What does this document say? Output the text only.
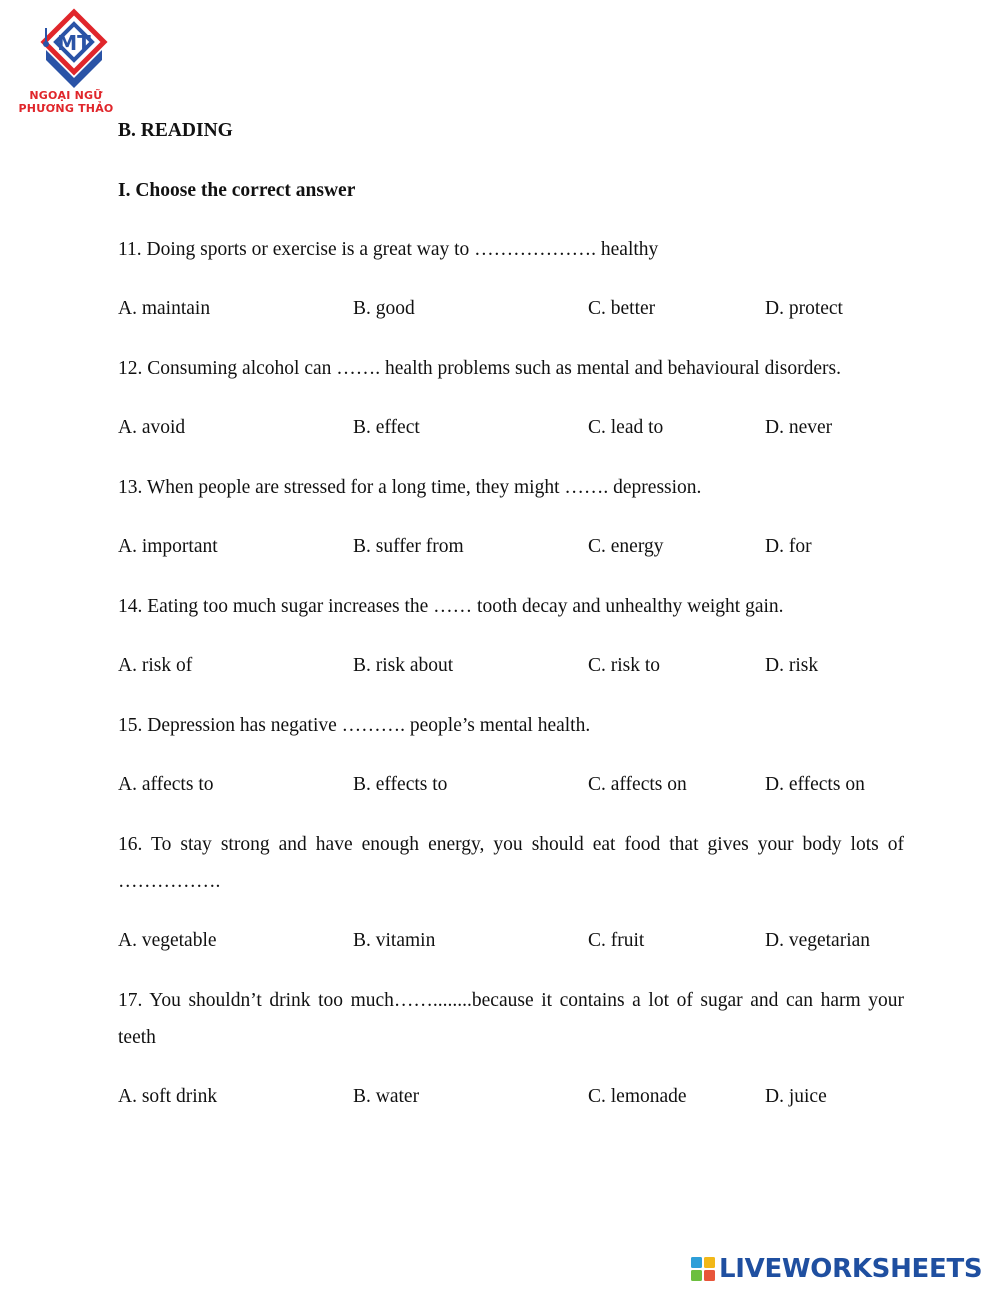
MT
NGOẠI NGỮ
PHƯƠNG THẢO
B. READING
I. Choose the correct answer
11. Doing sports or exercise is a great way to ………………. healthy
A. maintain	B. good	C. better	D. protect
12. Consuming alcohol can ……. health problems such as mental and behavioural disorders.
A. avoid	B. effect	C. lead to	D. never
13. When people are stressed for a long time, they might ……. depression.
A. important	B. suffer from	C. energy	D. for
14. Eating too much sugar increases the …… tooth decay and unhealthy weight gain.
A. risk of	B. risk about	C. risk to	D. risk
15. Depression has negative ………. people’s mental health.
A. affects to	B. effects to	C. affects on	D. effects on
16. To stay strong and have enough energy, you should eat food that gives your body lots of …………….
A. vegetable	B. vitamin	C. fruit	D. vegetarian
17. You shouldn’t drink too much……........because it contains a lot of sugar and can harm your teeth
A. soft drink	B. water	C. lemonade	D. juice
LIVEWORKSHEETS
